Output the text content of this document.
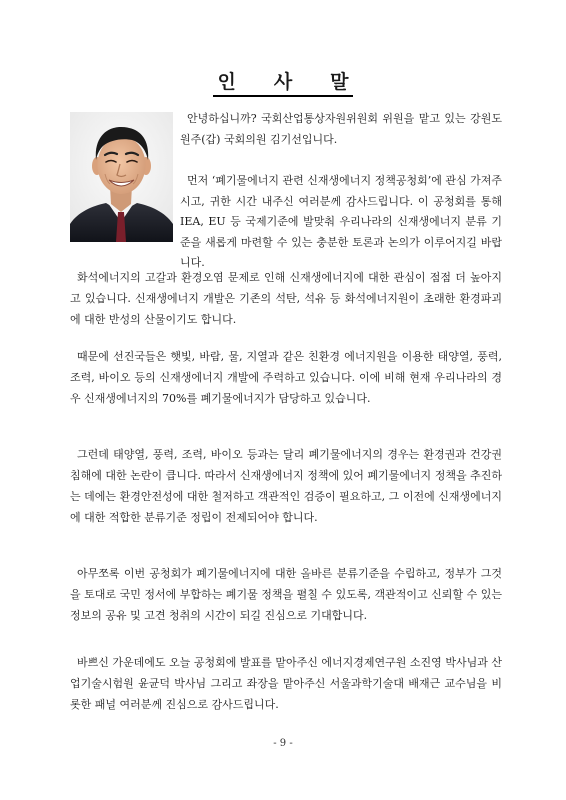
인 사 말
안녕하십니까? 국회산업통상자원위원회 위원을 맡고 있는 강원도 원주(갑) 국회의원 김기선입니다.
먼저 ‘폐기물에너지 관련 신재생에너지 정책공청회’에 관심 가져주시고, 귀한 시간 내주신 여러분께 감사드립니다. 이 공청회를 통해 IEA, EU 등 국제기준에 발맞춰 우리나라의 신재생에너지 분류 기준을 새롭게 마련할 수 있는 충분한 토론과 논의가 이루어지길 바랍니다.
화석에너지의 고갈과 환경오염 문제로 인해 신재생에너지에 대한 관심이 점점 더 높아지고 있습니다. 신재생에너지 개발은 기존의 석탄, 석유 등 화석에너지원이 초래한 환경파괴에 대한 반성의 산물이기도 합니다.
때문에 선진국들은 햇빛, 바람, 물, 지열과 같은 친환경 에너지원을 이용한 태양열, 풍력, 조력, 바이오 등의 신재생에너지 개발에 주력하고 있습니다. 이에 비해 현재 우리나라의 경우 신재생에너지의 70%를 폐기물에너지가 담당하고 있습니다.
그런데 태양열, 풍력, 조력, 바이오 등과는 달리 폐기물에너지의 경우는 환경권과 건강권 침해에 대한 논란이 큽니다. 따라서 신재생에너지 정책에 있어 폐기물에너지 정책을 추진하는 데에는 환경안전성에 대한 철저하고 객관적인 검증이 필요하고, 그 이전에 신재생에너지에 대한 적합한 분류기준 정립이 전제되어야 합니다.
아무쪼록 이번 공청회가 폐기물에너지에 대한 올바른 분류기준을 수립하고, 정부가 그것을 토대로 국민 정서에 부합하는 폐기물 정책을 펼칠 수 있도록, 객관적이고 신뢰할 수 있는 정보의 공유 및 고견 청취의 시간이 되길 진심으로 기대합니다.
바쁘신 가운데에도 오늘 공청회에 발표를 맡아주신 에너지경제연구원 소진영 박사님과 산업기술시험원 윤균덕 박사님 그리고 좌장을 맡아주신 서울과학기술대 배재근 교수님을 비롯한 패널 여러분께 진심으로 감사드립니다.
- 9 -
